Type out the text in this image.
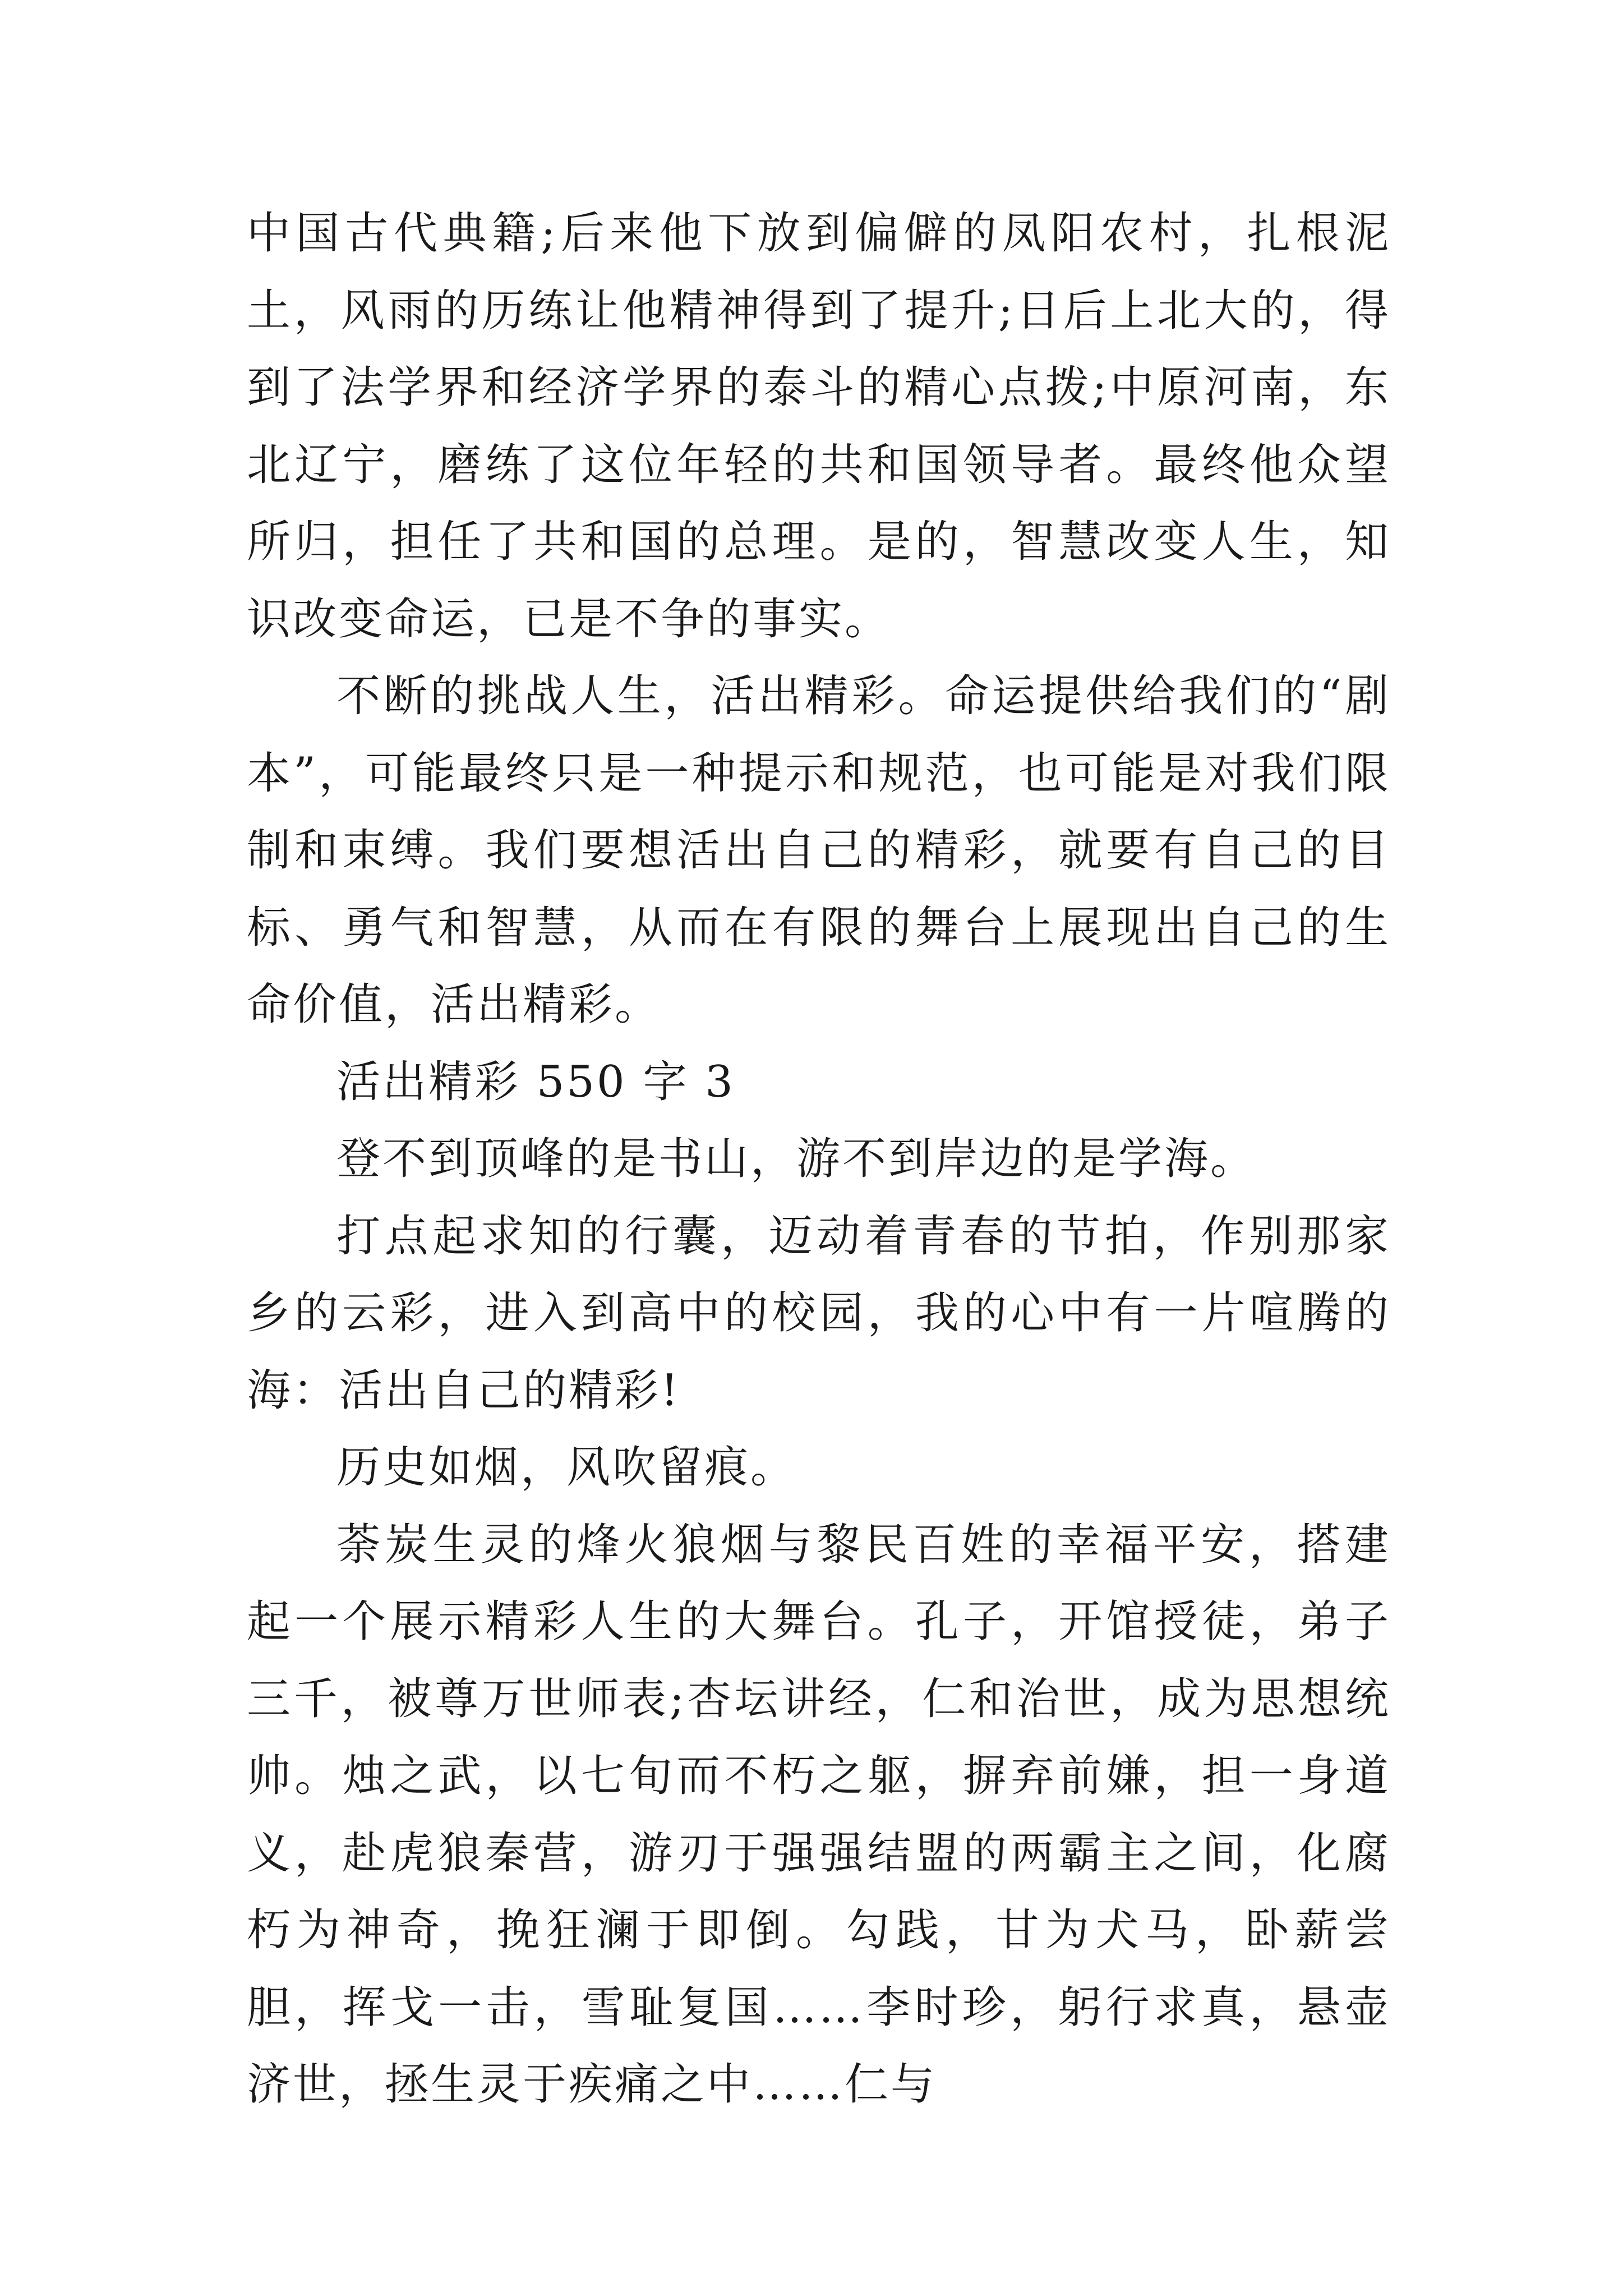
中国古代典籍;后来他下放到偏僻的凤阳农村，扎根泥土，风雨的历练让他精神得到了提升;日后上北大的，得到了法学界和经济学界的泰斗的精心点拨;中原河南，东北辽宁，磨练了这位年轻的共和国领导者。最终他众望所归，担任了共和国的总理。是的，智慧改变人生，知识改变命运，已是不争的事实。

不断的挑战人生，活出精彩。命运提供给我们的“剧本”，可能最终只是一种提示和规范，也可能是对我们限制和束缚。我们要想活出自己的精彩，就要有自己的目标、勇气和智慧，从而在有限的舞台上展现出自己的生命价值，活出精彩。

活出精彩 550 字 3

登不到顶峰的是书山，游不到岸边的是学海。

打点起求知的行囊，迈动着青春的节拍，作别那家乡的云彩，进入到高中的校园，我的心中有一片喧腾的海：活出自己的精彩!

历史如烟，风吹留痕。

荼炭生灵的烽火狼烟与黎民百姓的幸福平安，搭建起一个展示精彩人生的大舞台。孔子，开馆授徒，弟子三千，被尊万世师表;杏坛讲经，仁和治世，成为思想统帅。烛之武，以七旬而不朽之躯，摒弃前嫌，担一身道义，赴虎狼秦营，游刃于强强结盟的两霸主之间，化腐朽为神奇，挽狂澜于即倒。勾践，甘为犬马，卧薪尝胆，挥戈一击，雪耻复国……李时珍，躬行求真，悬壶济世，拯生灵于疾痛之中……仁与
